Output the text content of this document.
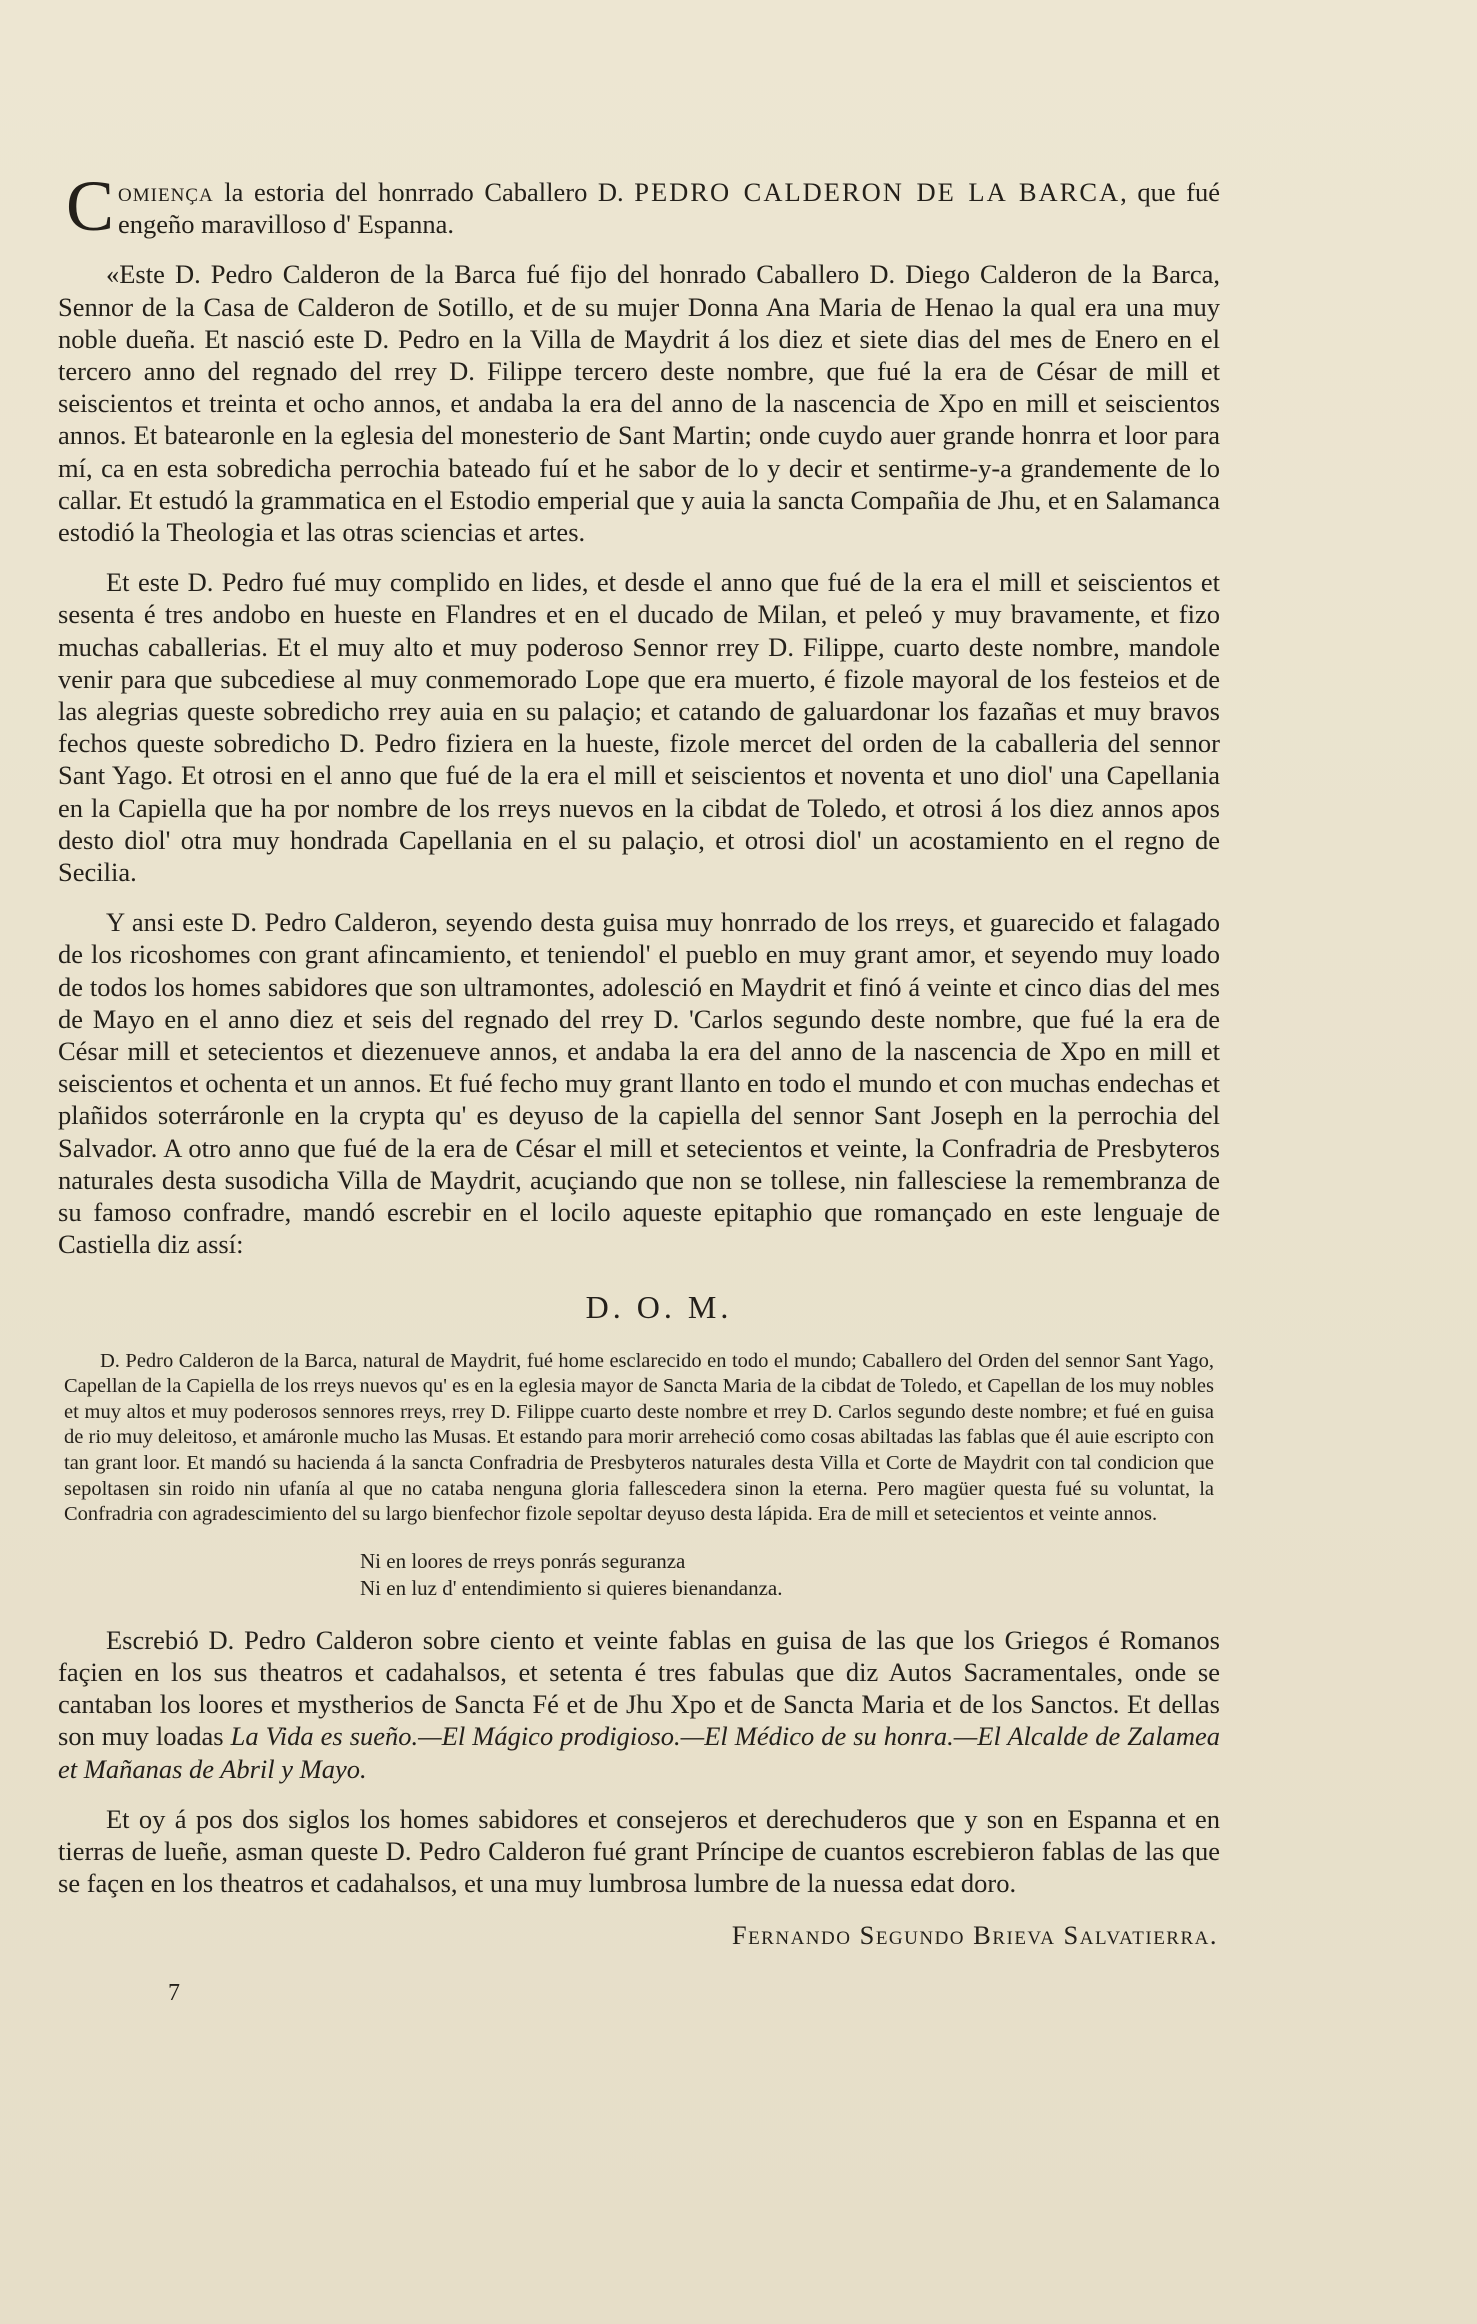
Comienҫa la estoria del honrrado Caballero D. PEDRO CALDERON DE LA BARCA, que fué engeño maravilloso d' Espanna.

«Este D. Pedro Calderon de la Barca fué fijo del honrado Caballero D. Diego Calderon de la Barca, Sennor de la Casa de Calderon de Sotillo, et de su mujer Donna Ana Maria de Henao la qual era una muy noble dueña. Et nasció este D. Pedro en la Villa de Maydrit á los diez et siete dias del mes de Enero en el tercero anno del regnado del rrey D. Filippe tercero deste nombre, que fué la era de César de mill et seiscientos et treinta et ocho annos, et andaba la era del anno de la nascencia de Xpo en mill et seiscientos annos. Et batearonle en la eglesia del monesterio de Sant Martin; onde cuydo auer grande honrra et loor para mí, ca en esta sobredicha perrochia bateado fuí et he sabor de lo y decir et sentirme-y-a grandemente de lo callar. Et estudó la grammatica en el Estodio emperial que y auia la sancta Compañia de Jhu, et en Salamanca estodió la Theologia et las otras sciencias et artes.

Et este D. Pedro fué muy complido en lides, et desde el anno que fué de la era el mill et seiscientos et sesenta é tres andobo en hueste en Flandres et en el ducado de Milan, et peleó y muy bravamente, et fizo muchas caballerias. Et el muy alto et muy poderoso Sennor rrey D. Filippe, cuarto deste nombre, mandole venir para que subcediese al muy conmemorado Lope que era muerto, é fizole mayoral de los festeios et de las alegrias queste sobredicho rrey auia en su palaçio; et catando de galuardonar los fazañas et muy bravos fechos queste sobredicho D. Pedro fiziera en la hueste, fizole mercet del orden de la caballeria del sennor Sant Yago. Et otrosi en el anno que fué de la era el mill et seiscientos et noventa et uno diol' una Capellania en la Capiella que ha por nombre de los rreys nuevos en la cibdat de Toledo, et otrosi á los diez annos apos desto diol' otra muy hondrada Capellania en el su palaçio, et otrosi diol' un acostamiento en el regno de Secilia.

Y ansi este D. Pedro Calderon, seyendo desta guisa muy honrrado de los rreys, et guarecido et falagado de los ricoshomes con grant afincamiento, et teniendol' el pueblo en muy grant amor, et seyendo muy loado de todos los homes sabidores que son ultramontes, adolesció en Maydrit et finó á veinte et cinco dias del mes de Mayo en el anno diez et seis del regnado del rrey D. 'Carlos segundo deste nombre, que fué la era de César mill et setecientos et diezenueve annos, et andaba la era del anno de la nascencia de Xpo en mill et seiscientos et ochenta et un annos. Et fué fecho muy grant llanto en todo el mundo et con muchas endechas et plañidos soterráronle en la crypta qu' es deyuso de la capiella del sennor Sant Joseph en la perrochia del Salvador. A otro anno que fué de la era de César el mill et setecientos et veinte, la Confradria de Presbyteros naturales desta susodicha Villa de Maydrit, acuçiando que non se tollese, nin fallesciese la remembranza de su famoso confradre, mandó escrebir en el locilo aqueste epitaphio que romançado en este lenguaje de Castiella diz assí:

D. O. M.

D. Pedro Calderon de la Barca, natural de Maydrit, fué home esclarecido en todo el mundo; Caballero del Orden del sennor Sant Yago, Capellan de la Capiella de los rreys nuevos qu' es en la eglesia mayor de Sancta Maria de la cibdat de Toledo, et Capellan de los muy nobles et muy altos et muy poderosos sennores rreys, rrey D. Filippe cuarto deste nombre et rrey D. Carlos segundo deste nombre; et fué en guisa de rio muy deleitoso, et amáronle mucho las Musas. Et estando para morir arreheció como cosas abiltadas las fablas que él auie escripto con tan grant loor. Et mandó su hacienda á la sancta Confradria de Presbyteros naturales desta Villa et Corte de Maydrit con tal condicion que sepoltasen sin roido nin ufanía al que no cataba nenguna gloria fallescedera sinon la eterna. Pero magüer questa fué su voluntat, la Confradria con agradescimiento del su largo bienfechor fizole sepoltar deyuso desta lápida. Era de mill et setecientos et veinte annos.

Ni en loores de rreys ponrás seguranza
Ni en luz d' entendimiento si quieres bienandanza.

Escrebió D. Pedro Calderon sobre ciento et veinte fablas en guisa de las que los Griegos é Romanos façien en los sus theatros et cadahalsos, et setenta é tres fabulas que diz Autos Sacramentales, onde se cantaban los loores et mystherios de Sancta Fé et de Jhu Xpo et de Sancta Maria et de los Sanctos. Et dellas son muy loadas La Vida es sueño.—El Mágico prodigioso.—El Médico de su honra.—El Alcalde de Zalamea et Mañanas de Abril y Mayo.

Et oy á pos dos siglos los homes sabidores et consejeros et derechuderos que y son en Espanna et en tierras de lueñe, asman queste D. Pedro Calderon fué grant Príncipe de cuantos escrebieron fablas de las que se façen en los theatros et cadahalsos, et una muy lumbrosa lumbre de la nuessa edat doro.

Fernando Segundo Brieva Salvatierra.

7
